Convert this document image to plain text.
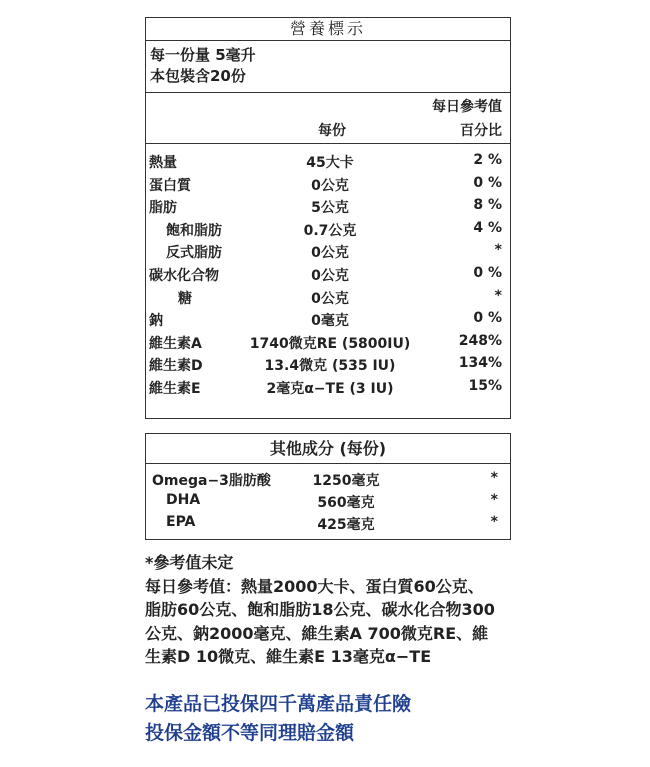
營養標示
每一份量 5毫升
本包裝含20份
每日參考值
每份	百分比
熱量	45大卡	2 %
蛋白質	0公克	0 %
脂肪	5公克	8 %
飽和脂肪	0.7公克	4 %
反式脂肪	0公克	*
碳水化合物	0公克	0 %
糖	0公克	*
鈉	0毫克	0 %
維生素A	1740微克RE (5800IU)	248%
維生素D	13.4微克 (535 IU)	134%
維生素E	2毫克α−TE (3 IU)	15%
其他成分 (每份)
Omega−3脂肪酸	1250毫克	*
DHA	560毫克	*
EPA	425毫克	*

*參考值未定

每日參考值：熱量2000大卡、蛋白質60公克、

脂肪60公克、飽和脂肪18公克、碳水化合物300

公克、鈉2000毫克、維生素A 700微克RE、維

生素D 10微克、維生素E 13毫克α−TE

本產品已投保四千萬產品責任險

投保金額不等同理賠金額
